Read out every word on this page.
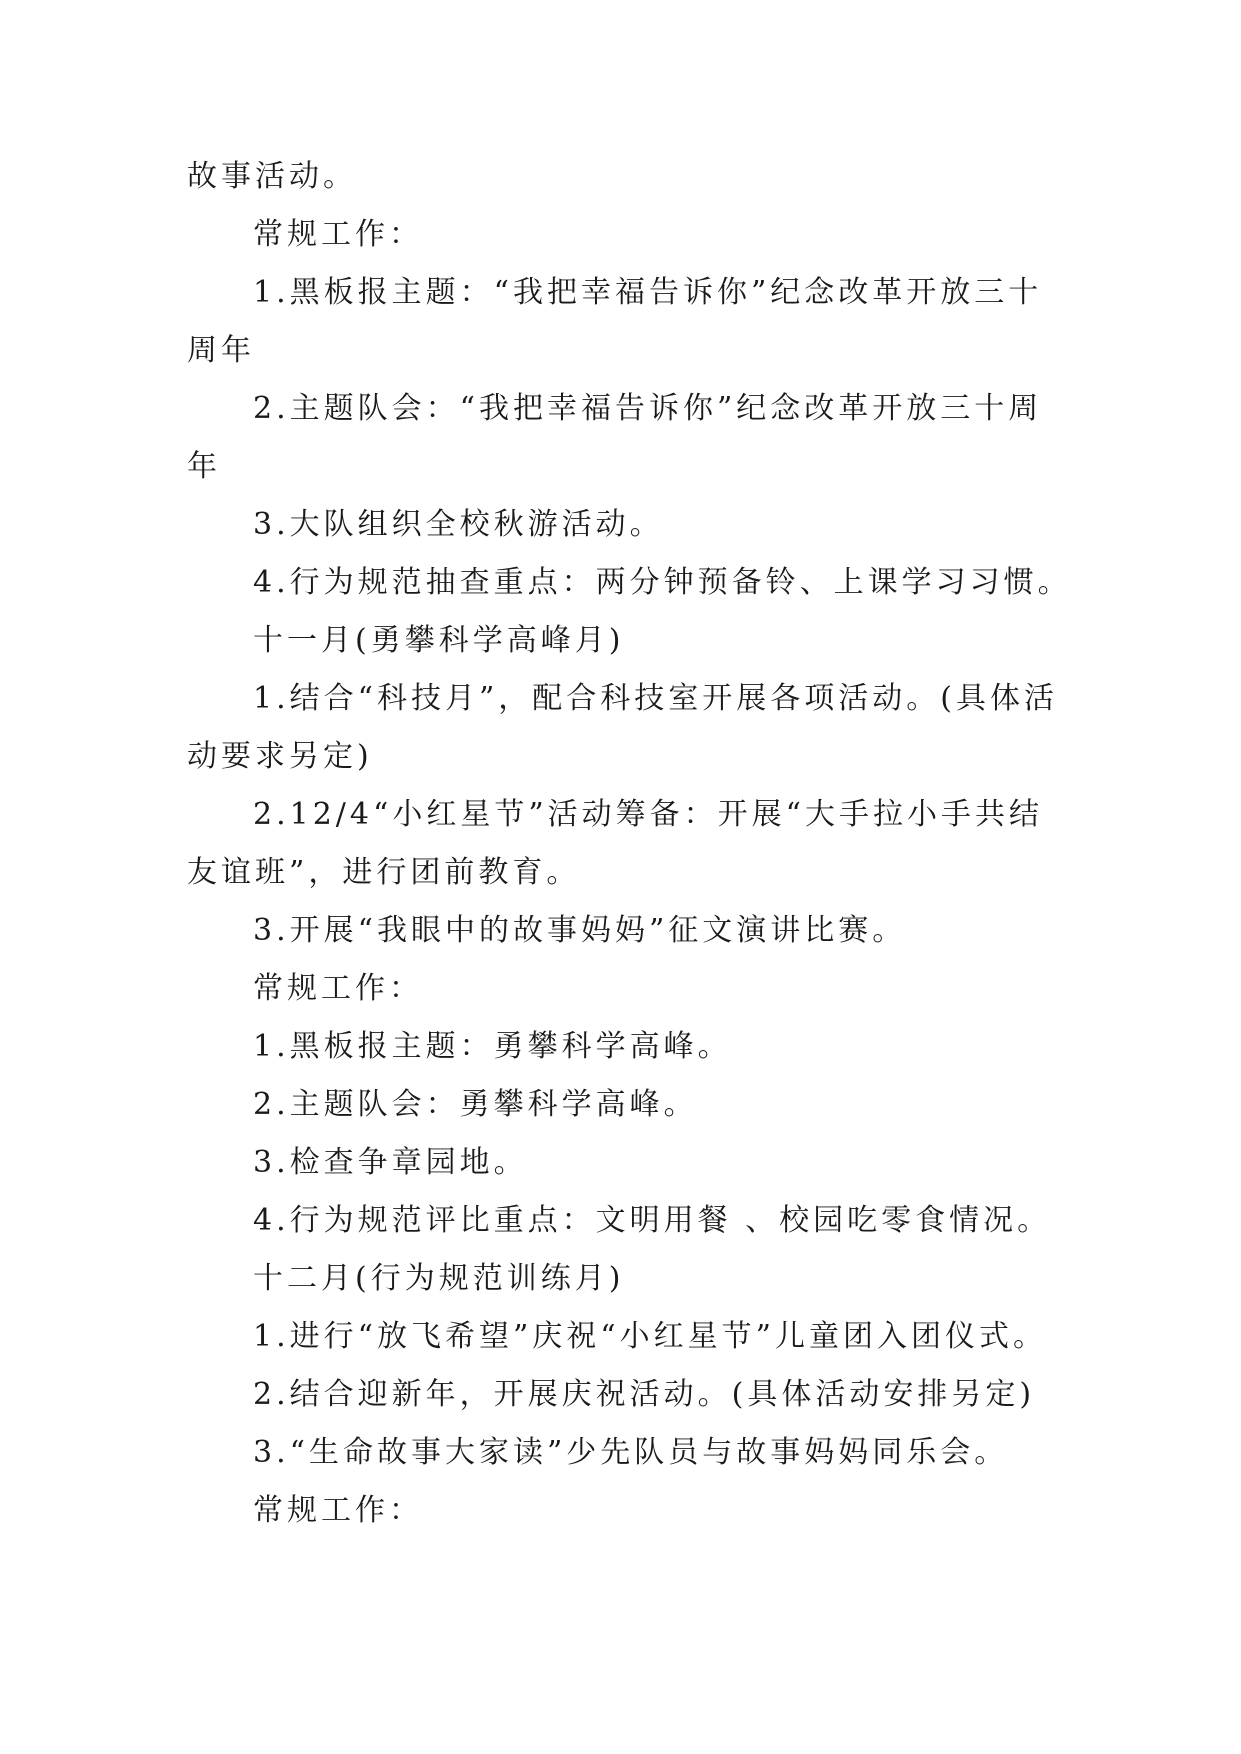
故事活动。
常规工作：
1.黑板报主题：“我把幸福告诉你”纪念改革开放三十
周年
2.主题队会：“我把幸福告诉你”纪念改革开放三十周
年
3.大队组织全校秋游活动。
4.行为规范抽查重点：两分钟预备铃、上课学习习惯。
十一月(勇攀科学高峰月)
1.结合“科技月”，配合科技室开展各项活动。(具体活
动要求另定)
2.12/4“小红星节”活动筹备：开展“大手拉小手共结
友谊班”，进行团前教育。
3.开展“我眼中的故事妈妈”征文演讲比赛。
常规工作：
1.黑板报主题：勇攀科学高峰。
2.主题队会：勇攀科学高峰。
3.检查争章园地。
4.行为规范评比重点：文明用餐 、校园吃零食情况。
十二月(行为规范训练月)
1.进行“放飞希望”庆祝“小红星节”儿童团入团仪式。
2.结合迎新年，开展庆祝活动。(具体活动安排另定)
3.“生命故事大家读”少先队员与故事妈妈同乐会。
常规工作：
